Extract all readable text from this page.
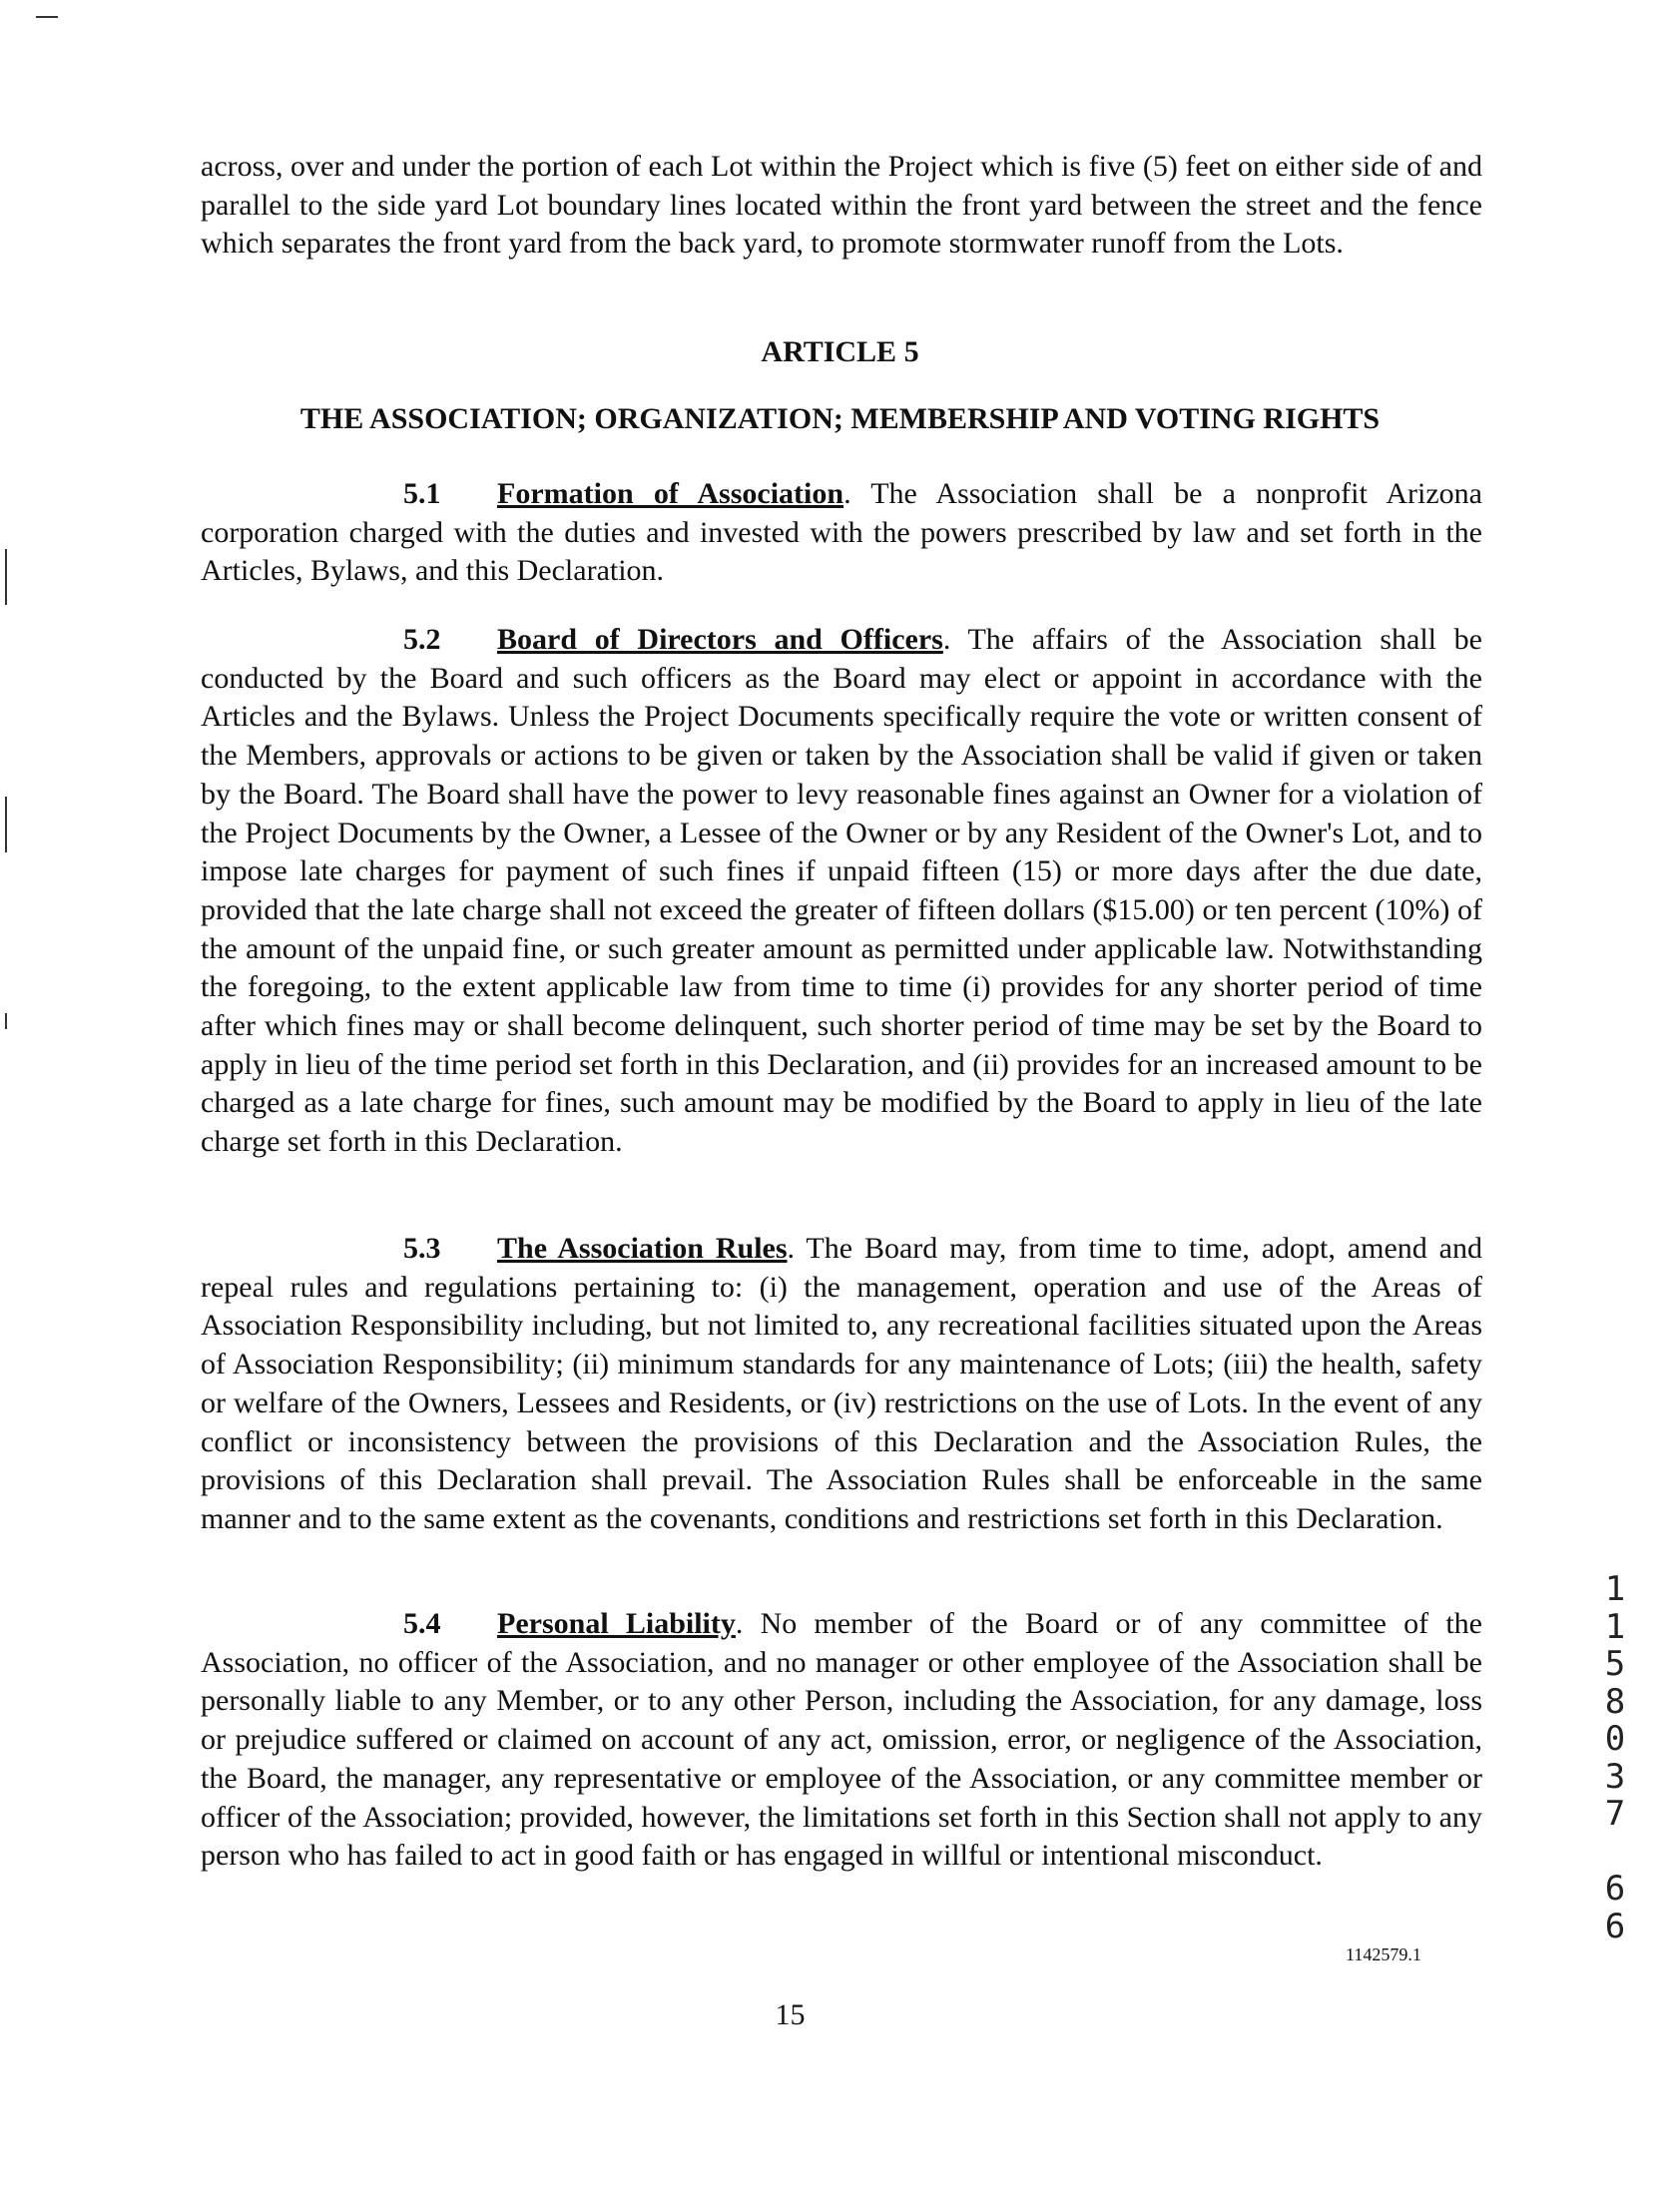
across, over and under the portion of each Lot within the Project which is five (5) feet on either side of and parallel to the side yard Lot boundary lines located within the front yard between the street and the fence which separates the front yard from the back yard, to promote stormwater runoff from the Lots.

ARTICLE 5
THE ASSOCIATION; ORGANIZATION; MEMBERSHIP AND VOTING RIGHTS

5.1 Formation of Association. The Association shall be a nonprofit Arizona corporation charged with the duties and invested with the powers prescribed by law and set forth in the Articles, Bylaws, and this Declaration.

5.2 Board of Directors and Officers. The affairs of the Association shall be conducted by the Board and such officers as the Board may elect or appoint in accordance with the Articles and the Bylaws. Unless the Project Documents specifically require the vote or written consent of the Members, approvals or actions to be given or taken by the Association shall be valid if given or taken by the Board. The Board shall have the power to levy reasonable fines against an Owner for a violation of the Project Documents by the Owner, a Lessee of the Owner or by any Resident of the Owner's Lot, and to impose late charges for payment of such fines if unpaid fifteen (15) or more days after the due date, provided that the late charge shall not exceed the greater of fifteen dollars ($15.00) or ten percent (10%) of the amount of the unpaid fine, or such greater amount as permitted under applicable law. Notwithstanding the foregoing, to the extent applicable law from time to time (i) provides for any shorter period of time after which fines may or shall become delinquent, such shorter period of time may be set by the Board to apply in lieu of the time period set forth in this Declaration, and (ii) provides for an increased amount to be charged as a late charge for fines, such amount may be modified by the Board to apply in lieu of the late charge set forth in this Declaration.

5.3 The Association Rules. The Board may, from time to time, adopt, amend and repeal rules and regulations pertaining to: (i) the management, operation and use of the Areas of Association Responsibility including, but not limited to, any recreational facilities situated upon the Areas of Association Responsibility; (ii) minimum standards for any maintenance of Lots; (iii) the health, safety or welfare of the Owners, Lessees and Residents, or (iv) restrictions on the use of Lots. In the event of any conflict or inconsistency between the provisions of this Declaration and the Association Rules, the provisions of this Declaration shall prevail. The Association Rules shall be enforceable in the same manner and to the same extent as the covenants, conditions and restrictions set forth in this Declaration.

5.4 Personal Liability. No member of the Board or of any committee of the Association, no officer of the Association, and no manager or other employee of the Association shall be personally liable to any Member, or to any other Person, including the Association, for any damage, loss or prejudice suffered or claimed on account of any act, omission, error, or negligence of the Association, the Board, the manager, any representative or employee of the Association, or any committee member or officer of the Association; provided, however, the limitations set forth in this Section shall not apply to any person who has failed to act in good faith or has engaged in willful or intentional misconduct.

1142579.1
15
1
1
5
8
0
3
7

6
6
